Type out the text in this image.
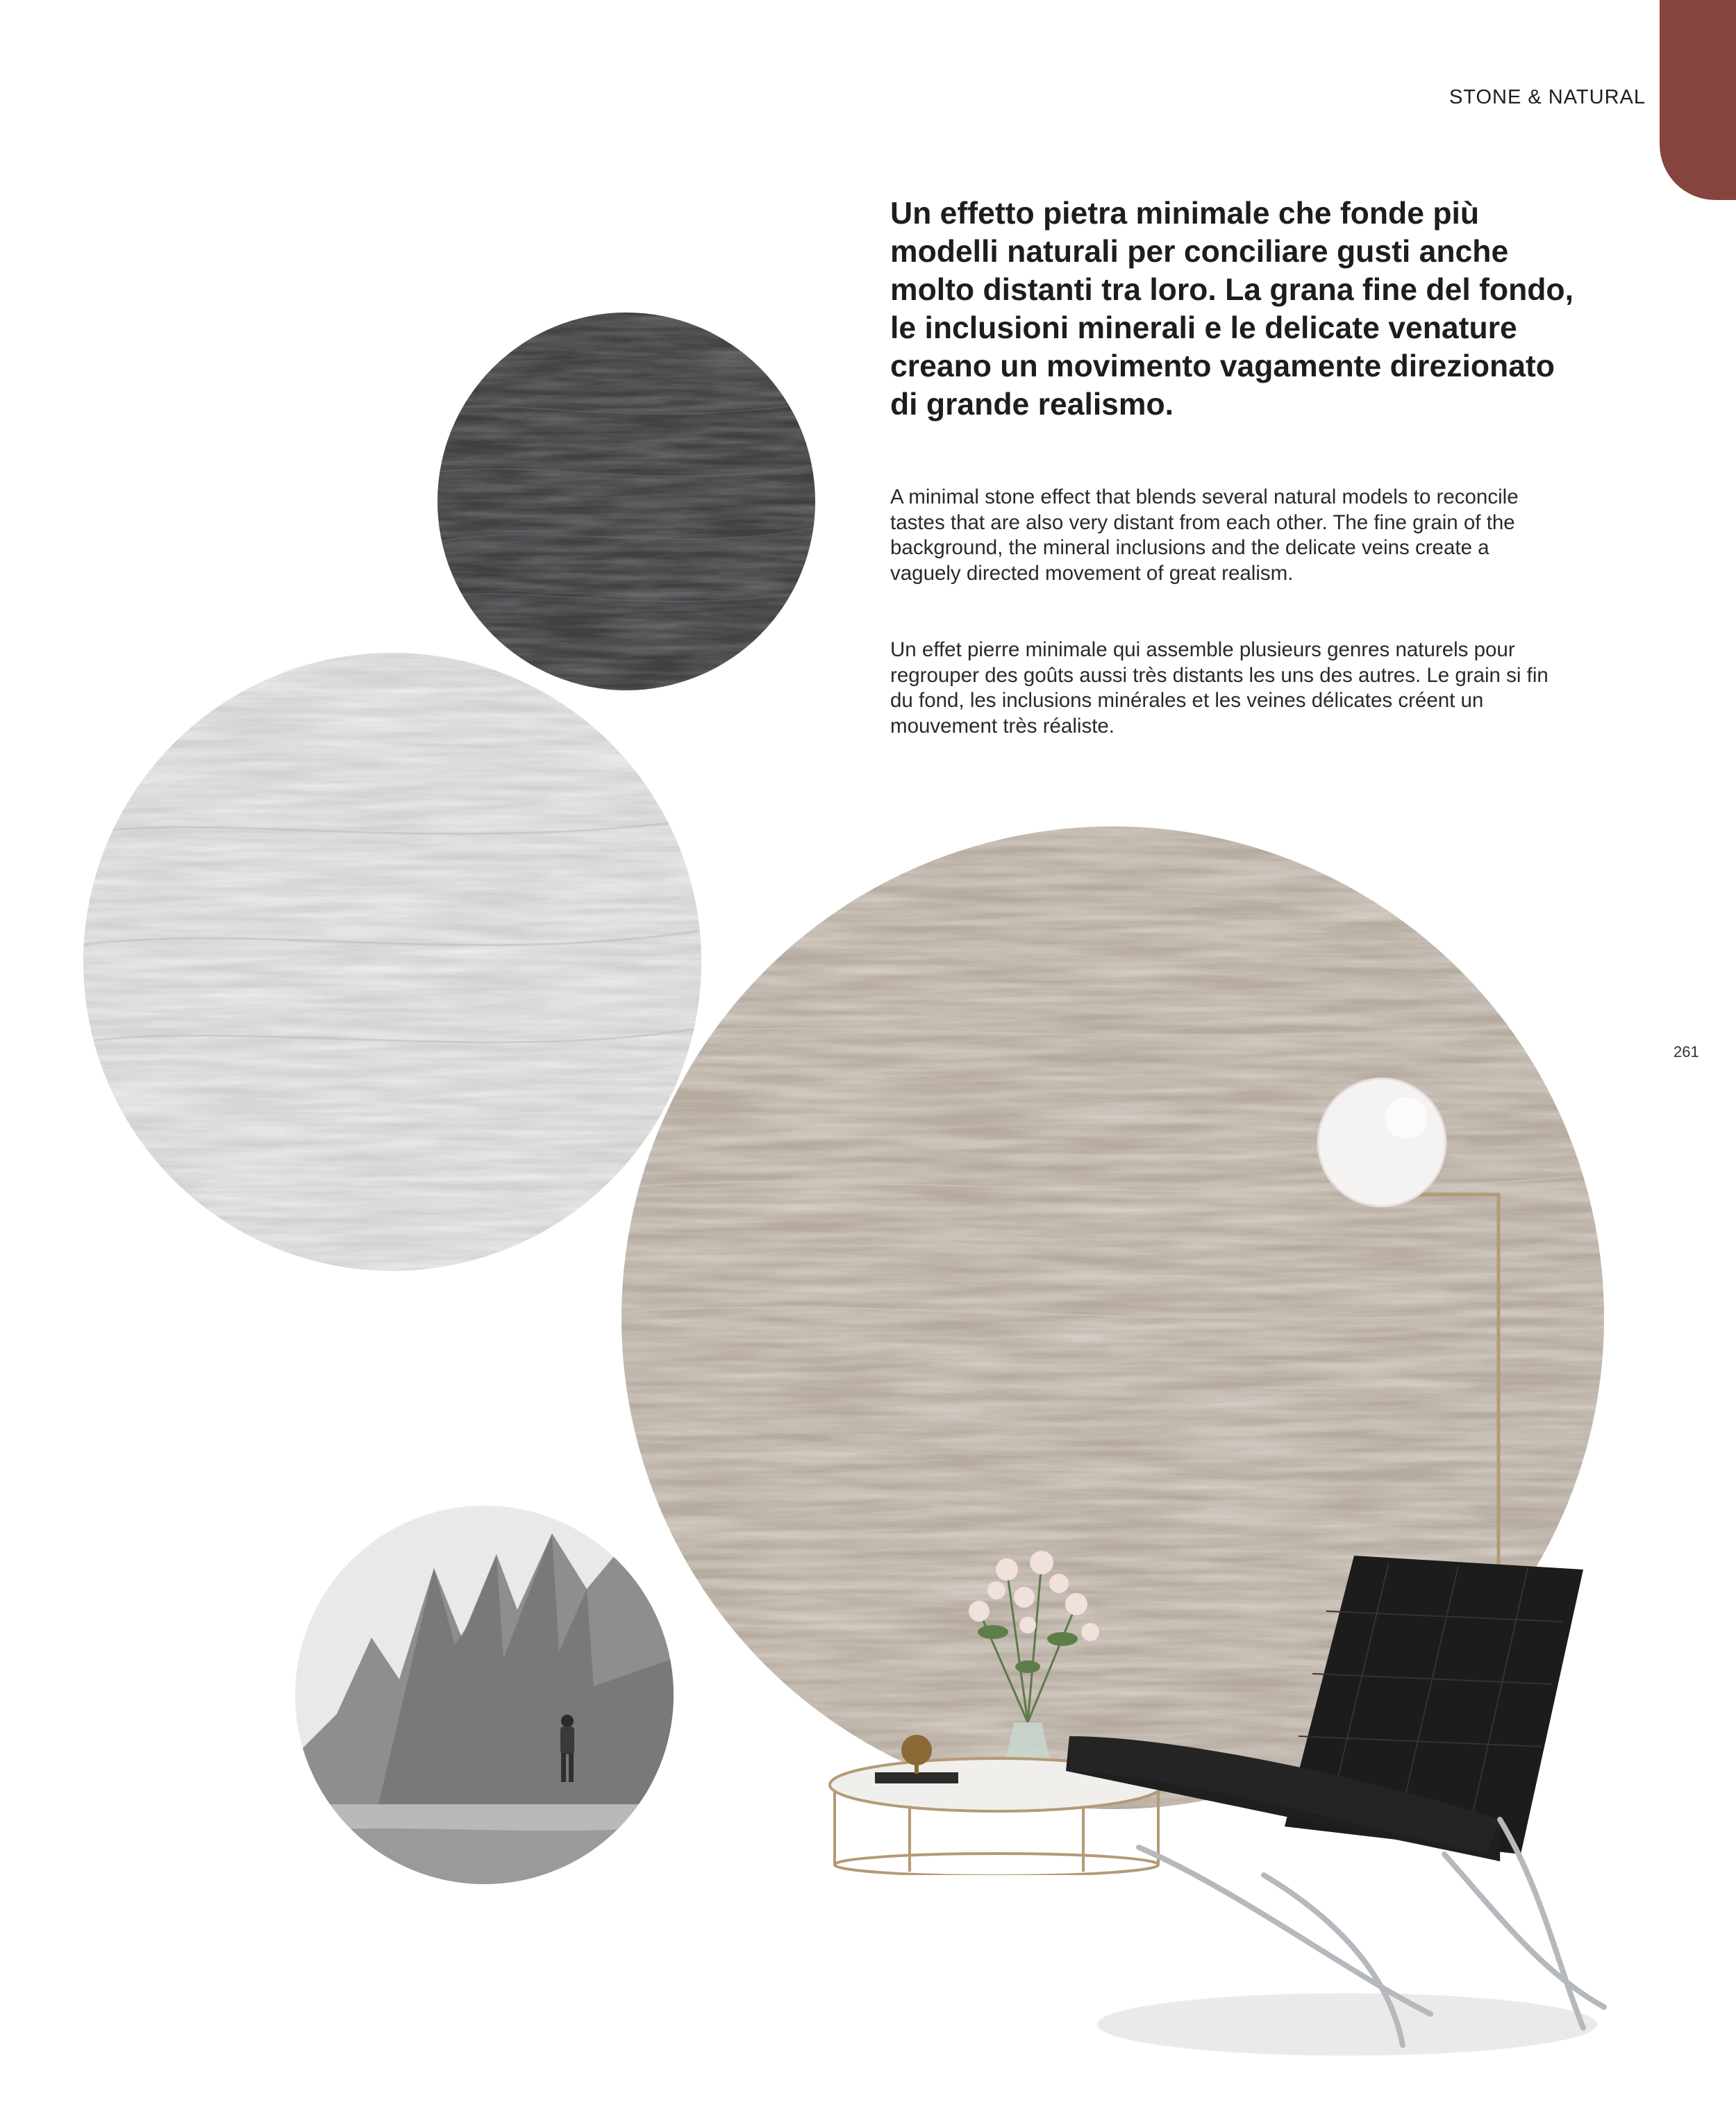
STONE & NATURAL

Un effetto pietra minimale che fonde più modelli naturali per conciliare gusti anche molto distanti tra loro. La grana fine del fondo, le inclusioni minerali e le delicate venature creano un movimento vagamente direzionato di grande realismo.

A minimal stone effect that blends several natural models to reconcile tastes that are also very distant from each other. The fine grain of the background, the mineral inclusions and the delicate veins create a vaguely directed movement of great realism.

Un effet pierre minimale qui assemble plusieurs genres naturels pour regrouper des goûts aussi très distants les uns des autres. Le grain si fin du fond, les inclusions minérales et les veines délicates créent un mouvement très réaliste.

261
